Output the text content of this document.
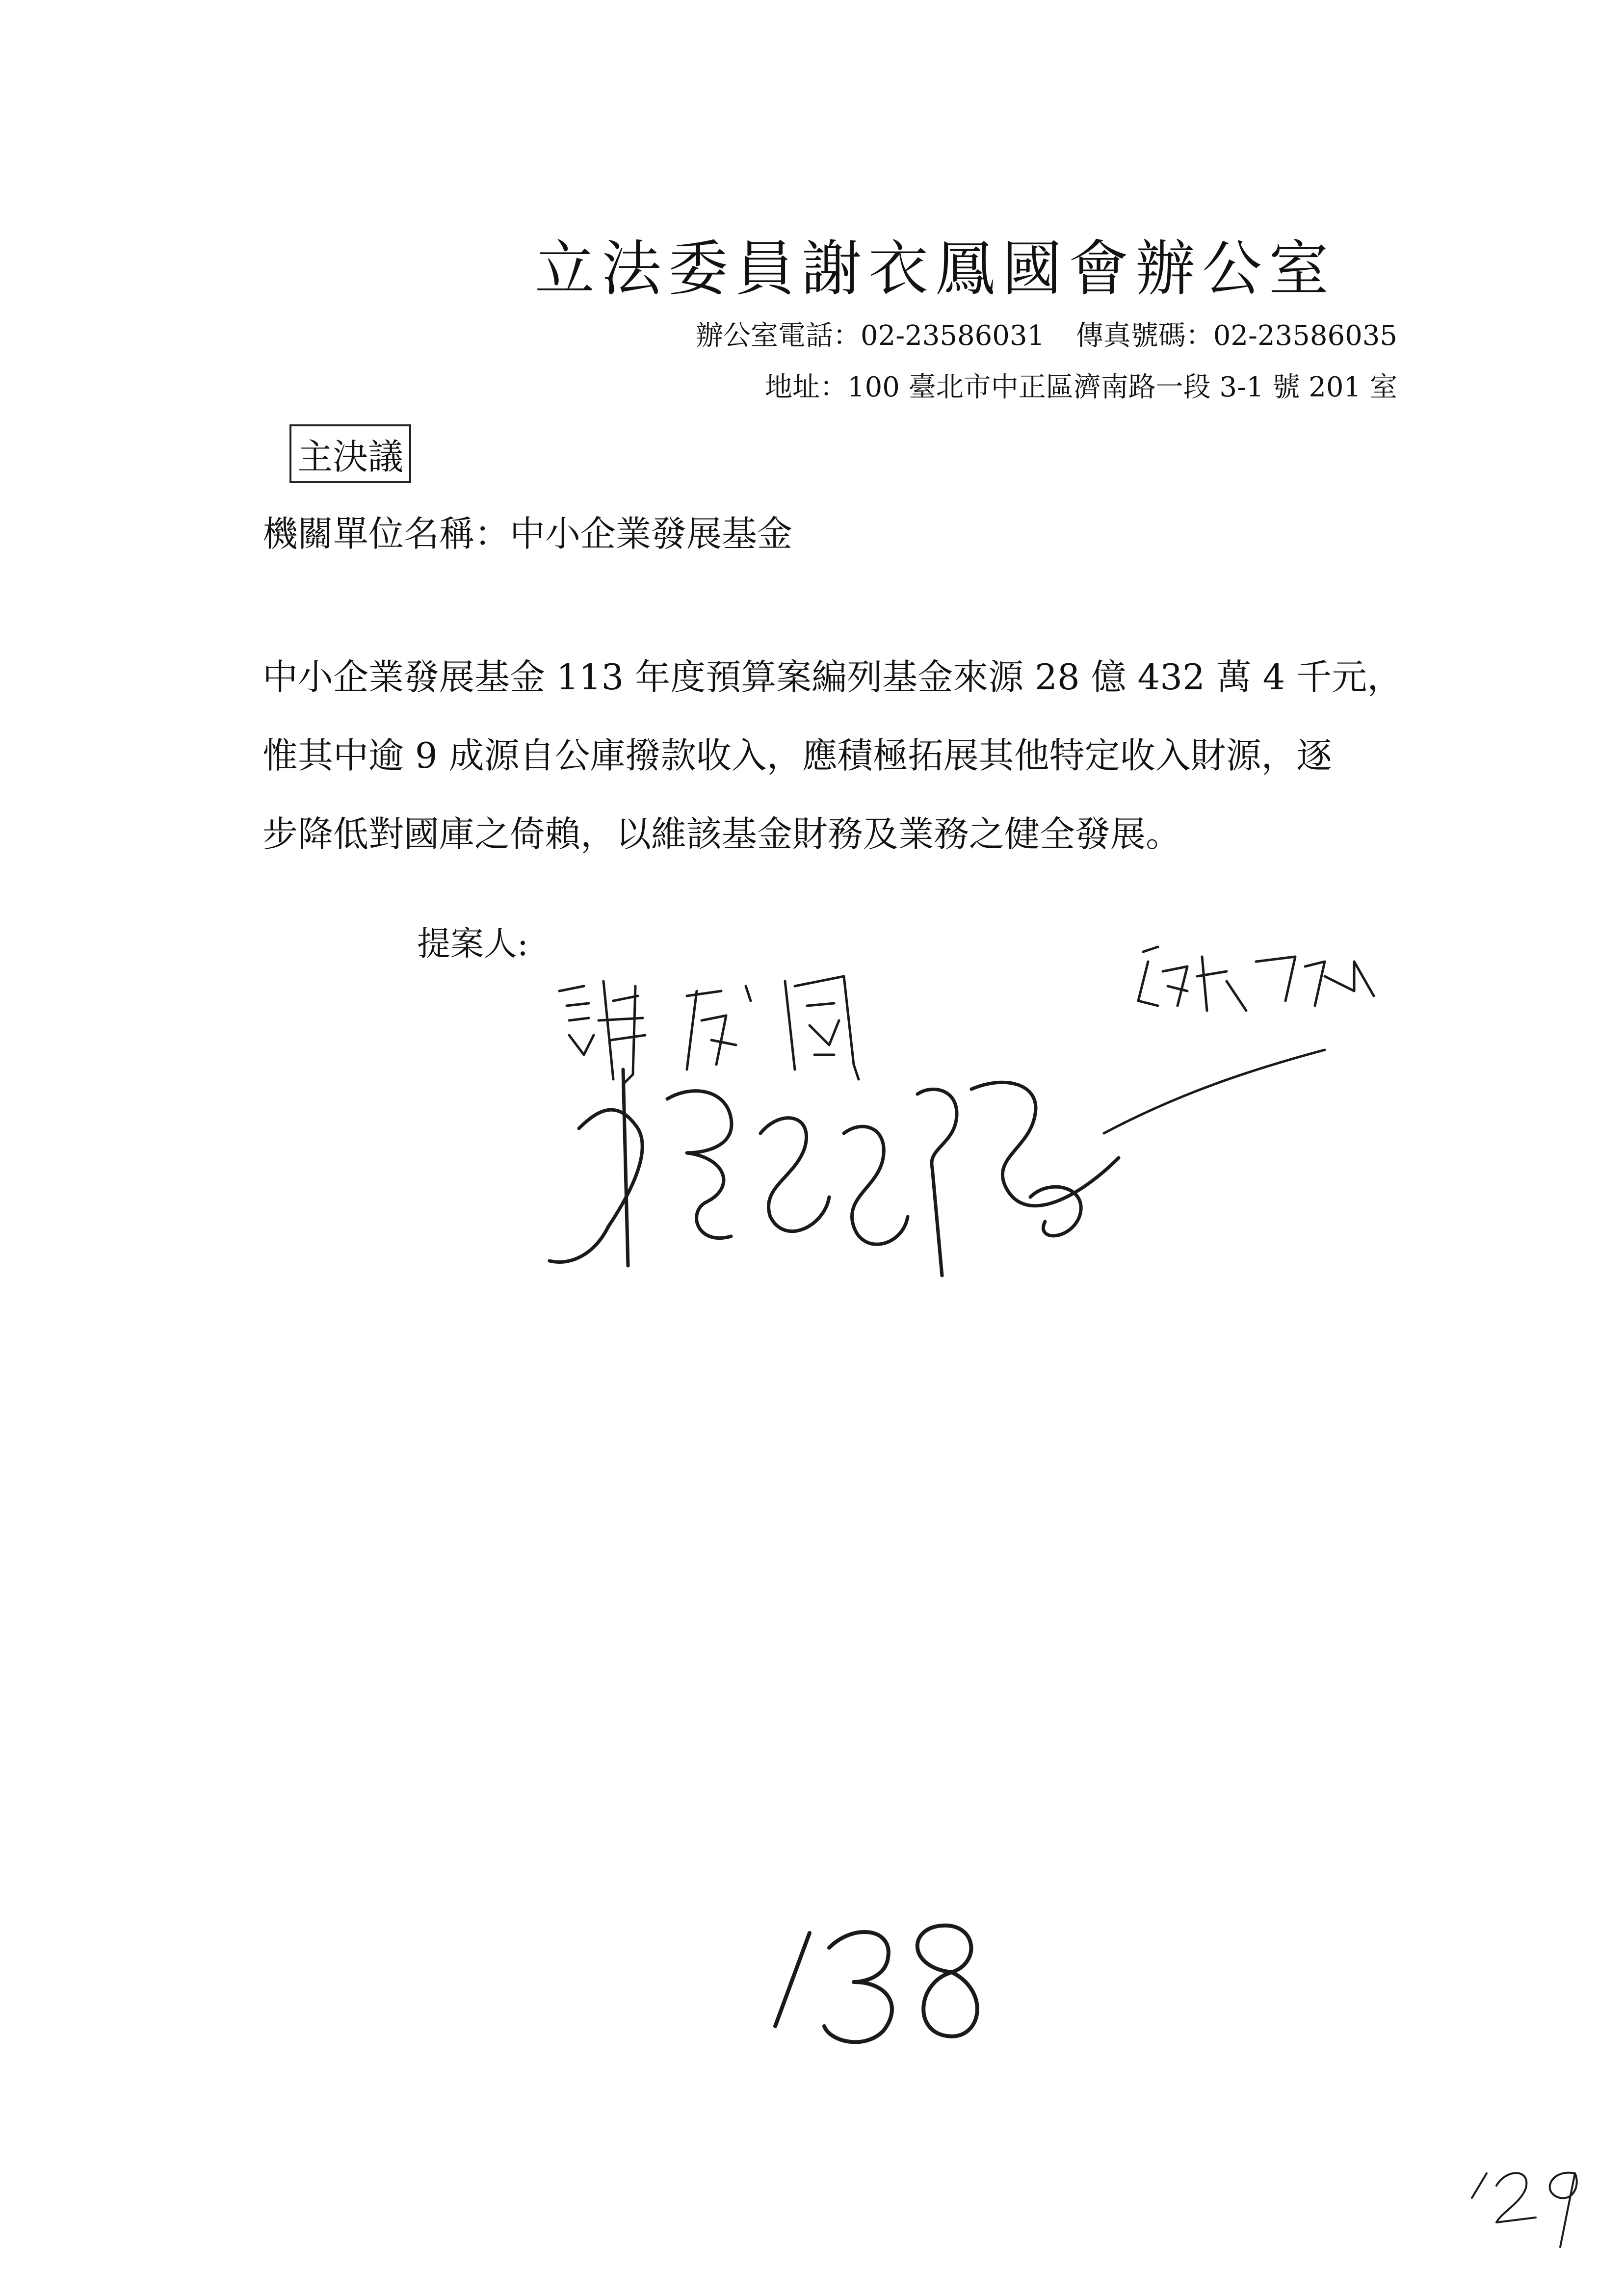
立法委員謝衣鳳國會辦公室
辦公室電話：02-23586031 傳真號碼：02-23586035
地址：100 臺北市中正區濟南路一段 3-1 號 201 室
主決議
機關單位名稱：中小企業發展基金
中小企業發展基金 113 年度預算案編列基金來源 28 億 432 萬 4 千元，
惟其中逾 9 成源自公庫撥款收入，應積極拓展其他特定收入財源，逐
步降低對國庫之倚賴，以維該基金財務及業務之健全發展。
提案人:
